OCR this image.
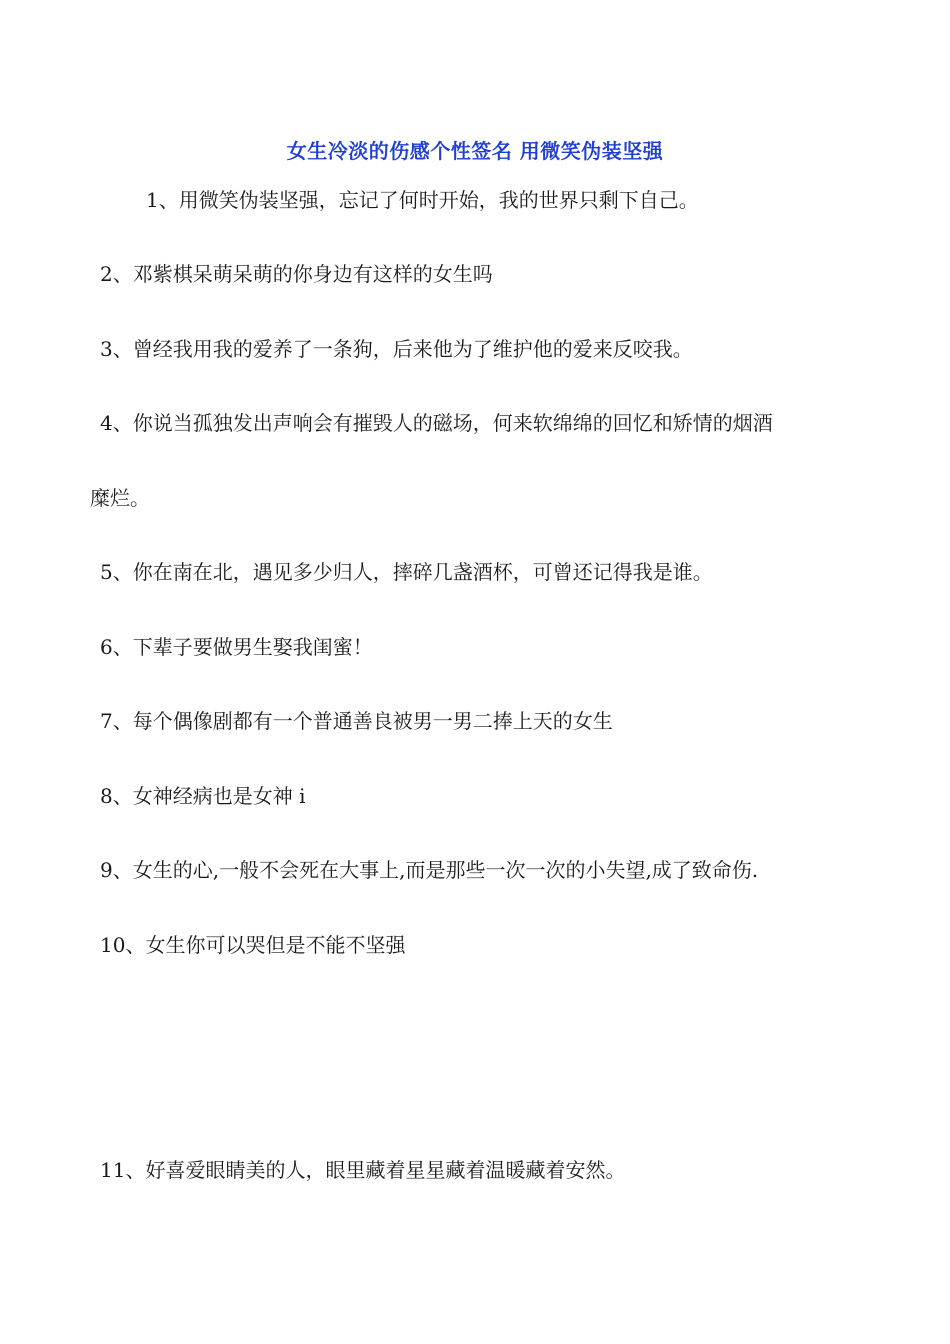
女生冷淡的伤感个性签名 用微笑伪装坚强
1、用微笑伪装坚强，忘记了何时开始，我的世界只剩下自己。
2、邓紫棋呆萌呆萌的你身边有这样的女生吗
3、曾经我用我的爱养了一条狗，后来他为了维护他的爱来反咬我。
4、你说当孤独发出声响会有摧毁人的磁场，何来软绵绵的回忆和矫情的烟酒
糜烂。
5、你在南在北，遇见多少归人，摔碎几盏酒杯，可曾还记得我是谁。
6、下辈子要做男生娶我闺蜜！
7、每个偶像剧都有一个普通善良被男一男二捧上天的女生
8、女神经病也是女神 i
9、女生的心,一般不会死在大事上,而是那些一次一次的小失望,成了致命伤.
10、女生你可以哭但是不能不坚强
11、好喜爱眼睛美的人，眼里藏着星星藏着温暖藏着安然。
